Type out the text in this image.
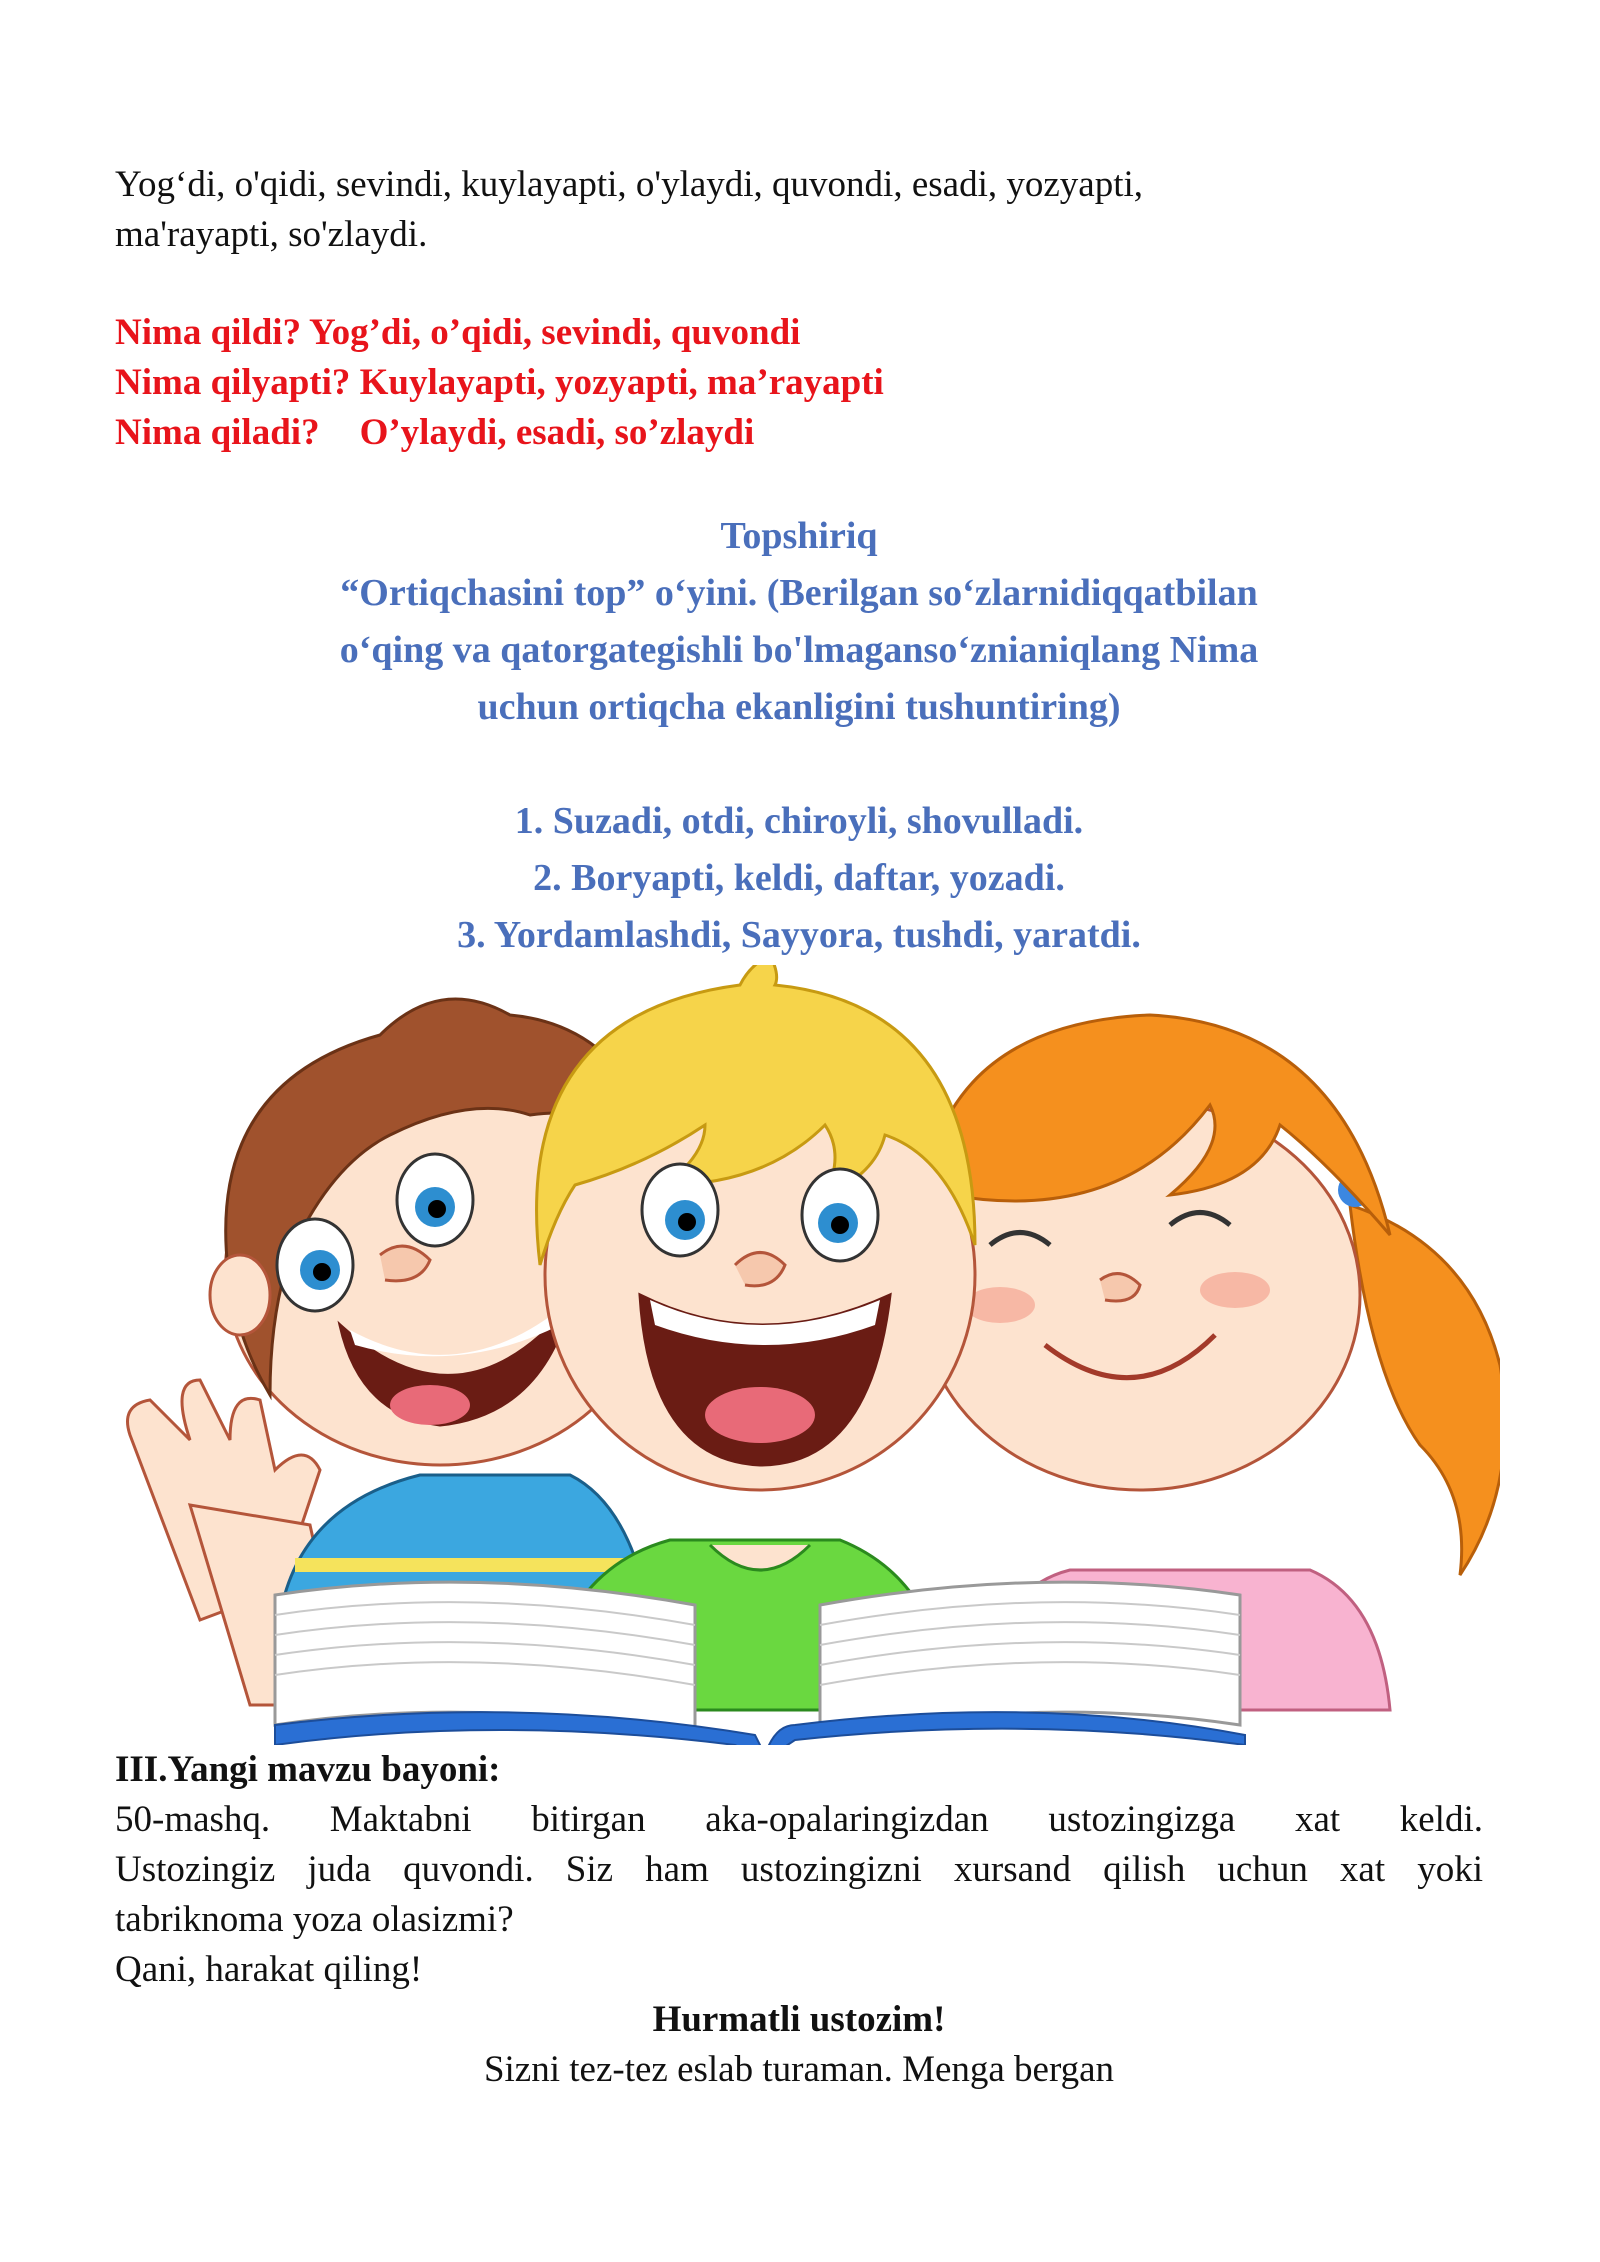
Yog‘di, o'qidi, sevindi, kuylayapti, o'ylaydi, quvondi, esadi, yozyapti,

ma'rayapti, so'zlaydi.

Nima qildi? Yog’di, o’qidi, sevindi, quvondi

Nima qilyapti? Kuylayapti, yozyapti, ma’rayapti

Nima qiladi? O’ylaydi, esadi, so’zlaydi

Topshiriq

“Ortiqchasini top” o‘yini. (Berilgan so‘zlarnidiqqatbilan

o‘qing va qatorgategishli bo'lmaganso‘znianiqlang Nima

uchun ortiqcha ekanligini tushuntiring)

1. Suzadi, otdi, chiroyli, shovulladi.

2. Boryapti, keldi, daftar, yozadi.

3. Yordamlashdi, Sayyora, tushdi, yaratdi.

III.Yangi mavzu bayoni:

50-mashq. Maktabni bitirgan aka-opalaringizdan ustozingizga xat keldi.

Ustozingiz juda quvondi. Siz ham ustozingizni xursand qilish uchun xat yoki

tabriknoma yoza olasizmi?

Qani, harakat qiling!

Hurmatli ustozim!

Sizni tez-tez eslab turaman. Menga bergan
